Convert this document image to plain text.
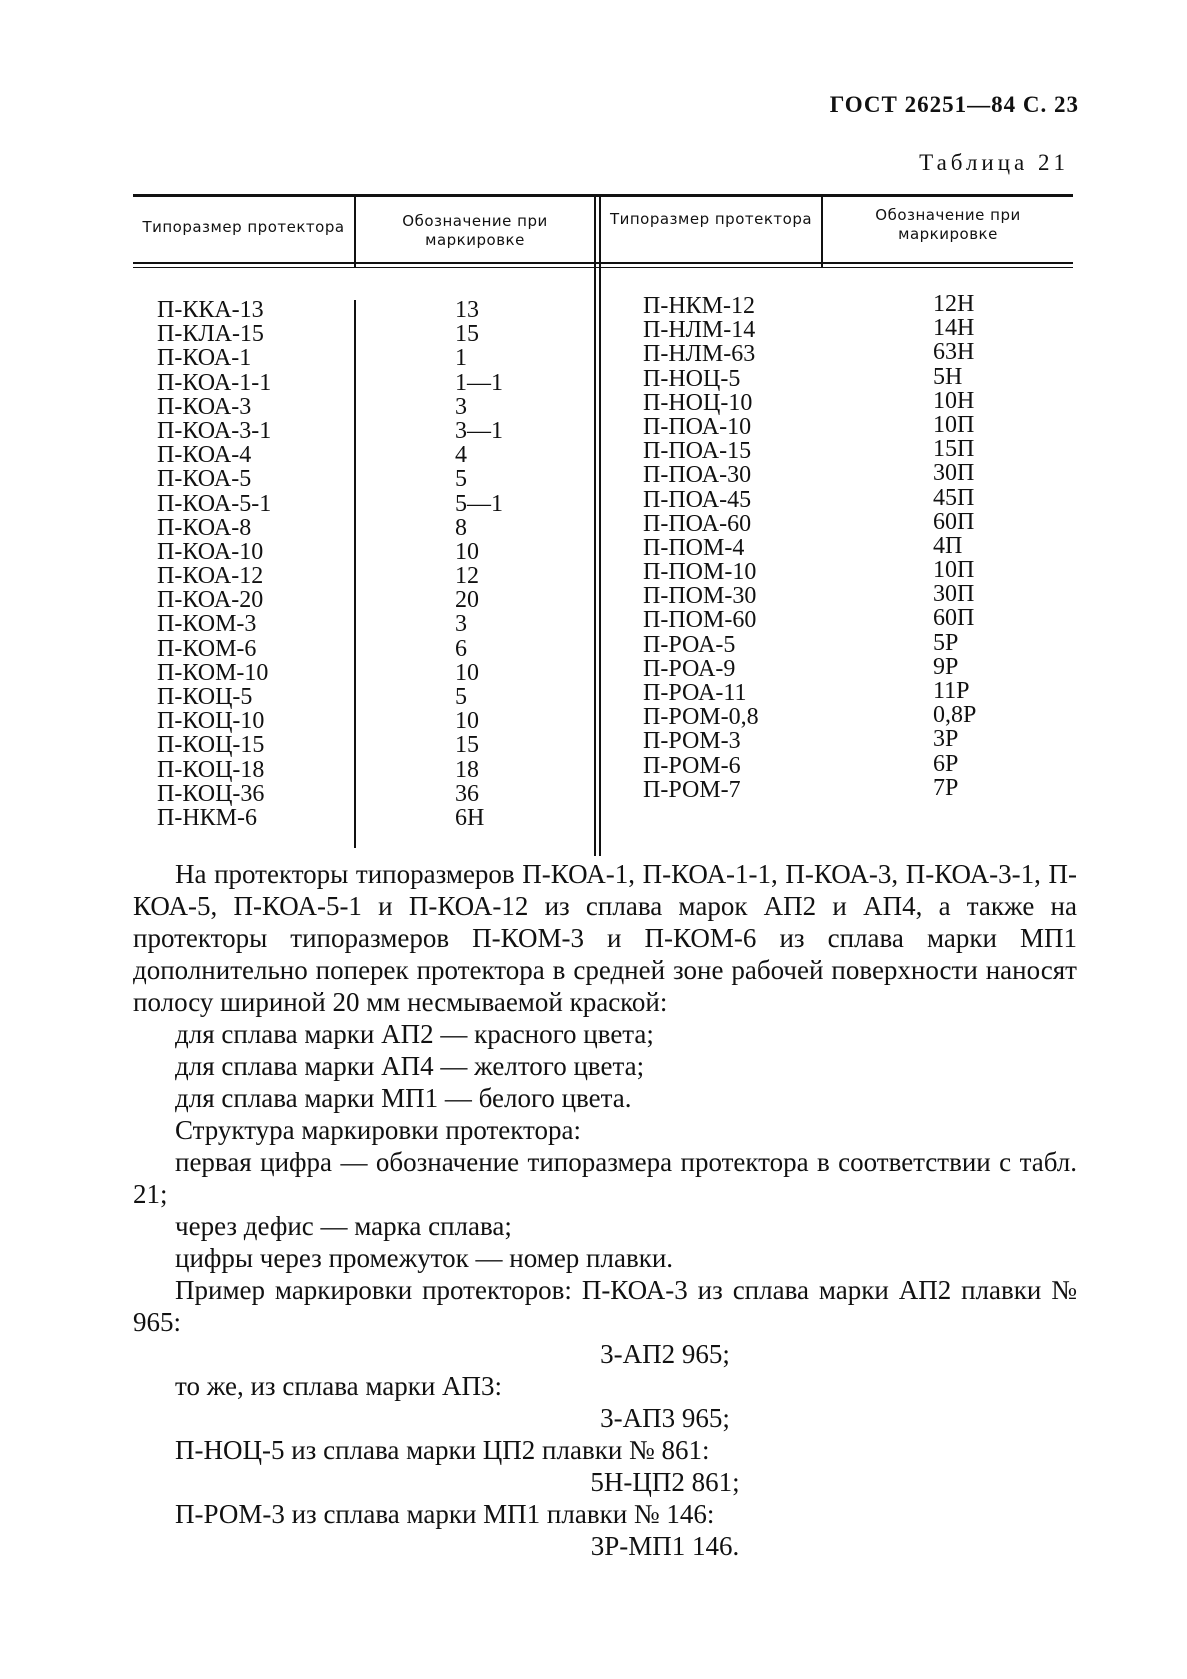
ГОСТ 26251—84 С. 23
Таблица 21
Типоразмер протектора	Обозначение при маркировке
Типоразмер протектора	Обозначение при маркировке
П-ККА-13
П-КЛА-15
П-КОА-1
П-КОА-1-1
П-КОА-3
П-КОА-3-1
П-КОА-4
П-КОА-5
П-КОА-5-1
П-КОА-8
П-КОА-10
П-КОА-12
П-КОА-20
П-КОМ-3
П-КОМ-6
П-КОМ-10
П-КОЦ-5
П-КОЦ-10
П-КОЦ-15
П-КОЦ-18
П-КОЦ-36
П-НКМ-6
13
15
1
1—1
3
3—1
4
5
5—1
8
10
12
20
3
6
10
5
10
15
18
36
6Н
П-НКМ-12
П-НЛМ-14
П-НЛМ-63
П-НОЦ-5
П-НОЦ-10
П-ПОА-10
П-ПОА-15
П-ПОА-30
П-ПОА-45
П-ПОА-60
П-ПОМ-4
П-ПОМ-10
П-ПОМ-30
П-ПОМ-60
П-РОА-5
П-РОА-9
П-РОА-11
П-РОМ-0,8
П-РОМ-3
П-РОМ-6
П-РОМ-7
12Н
14Н
63Н
5Н
10Н
10П
15П
30П
45П
60П
4П
10П
30П
60П
5Р
9Р
11Р
0,8Р
3Р
6Р
7Р

На протекторы типоразмеров П-КОА-1, П-КОА-1-1, П-КОА-3, П-КОА-3-1, П-КОА-5, П-КОА-5-1 и П-КОА-12 из сплава марок АП2 и АП4, а также на протекторы типоразмеров П-КОМ-3 и П-КОМ-6 из сплава марки МП1 дополнительно поперек протектора в средней зоне рабочей поверхности наносят полосу шириной 20 мм несмываемой краской:

для сплава марки АП2 — красного цвета;

для сплава марки АП4 — желтого цвета;

для сплава марки МП1 — белого цвета.

Структура маркировки протектора:

первая цифра — обозначение типоразмера протектора в соответствии с табл. 21;

через дефис — марка сплава;

цифры через промежуток — номер плавки.

Пример маркировки протекторов: П-КОА-3 из сплава марки АП2 плавки № 965:

3-АП2 965;

то же, из сплава марки АП3:

3-АП3 965;

П-НОЦ-5 из сплава марки ЦП2 плавки № 861:

5Н-ЦП2 861;

П-РОМ-3 из сплава марки МП1 плавки № 146:

3Р-МП1 146.
